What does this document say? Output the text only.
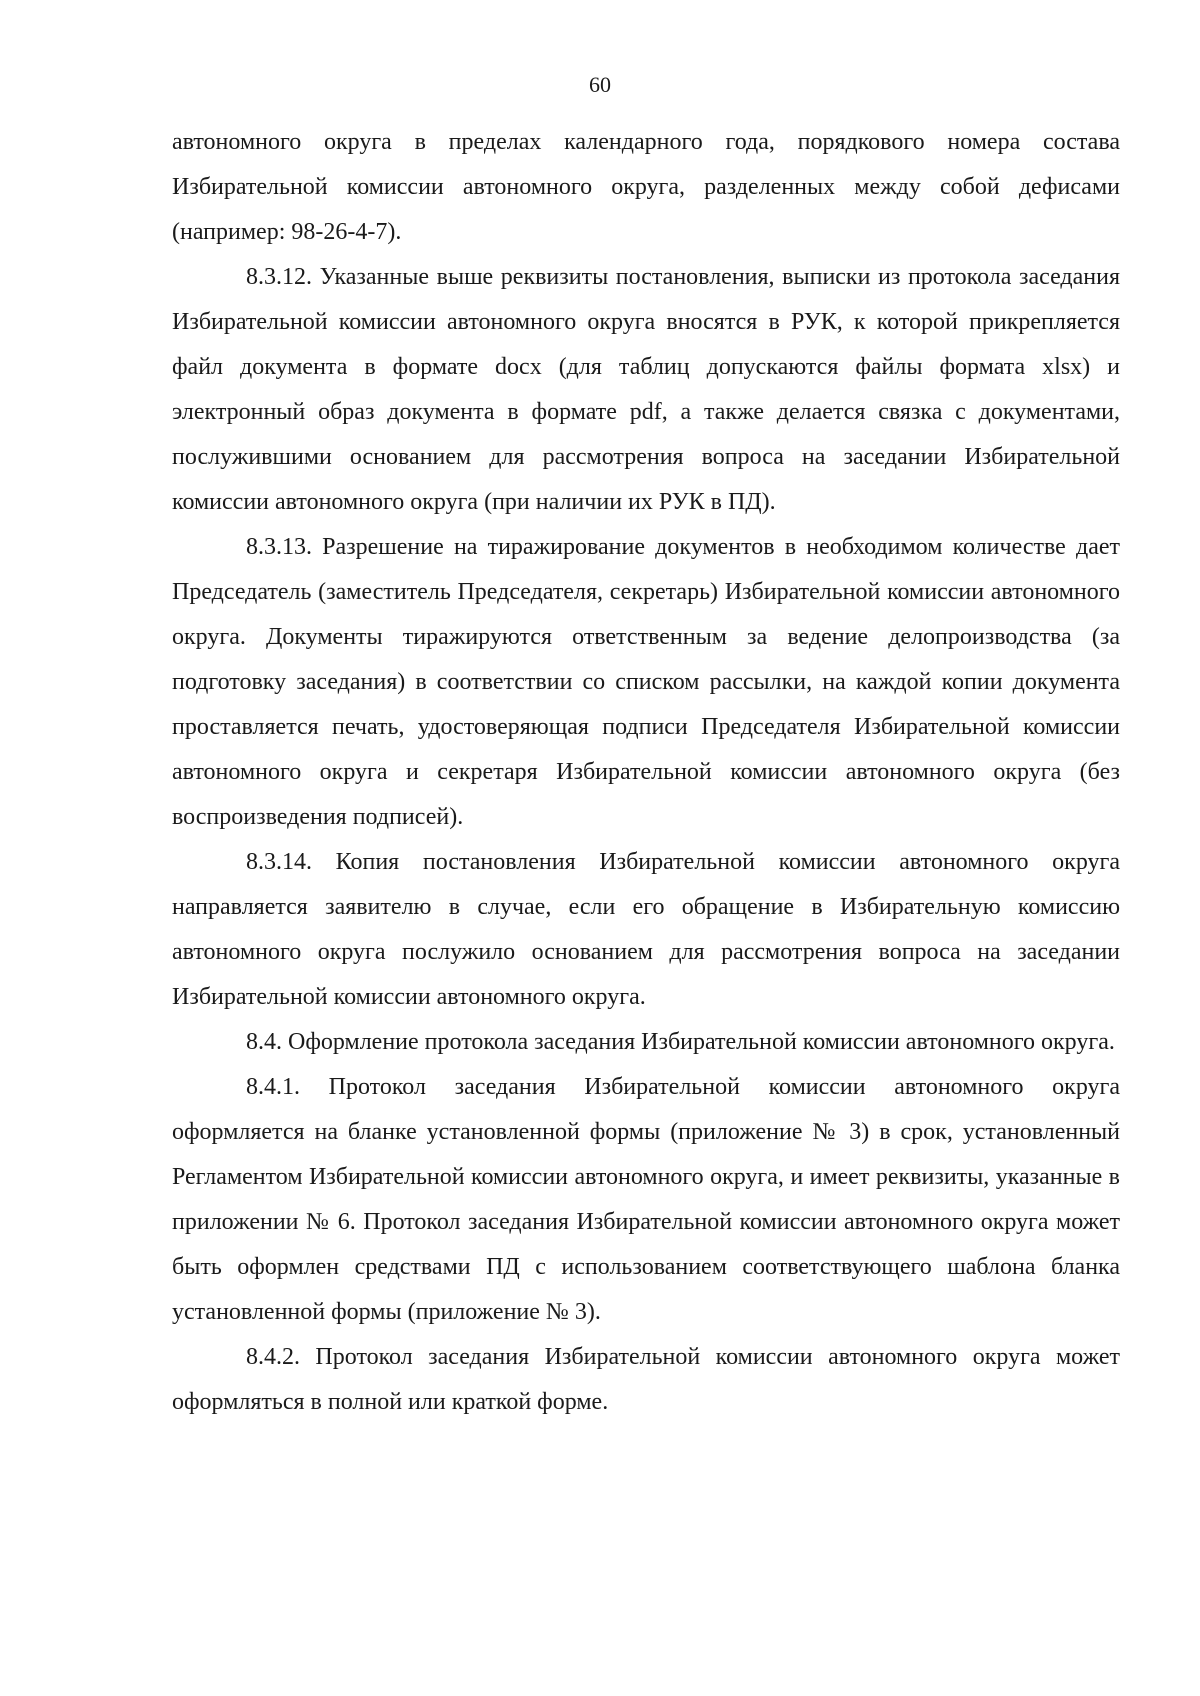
60

автономного округа в пределах календарного года, порядкового номера состава Избирательной комиссии автономного округа, разделенных между собой дефисами (например: 98-26-4-7).

8.3.12. Указанные выше реквизиты постановления, выписки из протокола заседания Избирательной комиссии автономного округа вносятся в РУК, к которой прикрепляется файл документа в формате docx (для таблиц допускаются файлы формата xlsx) и электронный образ документа в формате pdf, а также делается связка с документами, послужившими основанием для рассмотрения вопроса на заседании Избирательной комиссии автономного округа (при наличии их РУК в ПД).

8.3.13. Разрешение на тиражирование документов в необходимом количестве дает Председатель (заместитель Председателя, секретарь) Избирательной комиссии автономного округа. Документы тиражируются ответственным за ведение делопроизводства (за подготовку заседания) в соответствии со списком рассылки, на каждой копии документа проставляется печать, удостоверяющая подписи Председателя Избирательной комиссии автономного округа и секретаря Избирательной комиссии автономного округа (без воспроизведения подписей).

8.3.14. Копия постановления Избирательной комиссии автономного округа направляется заявителю в случае, если его обращение в Избирательную комиссию автономного округа послужило основанием для рассмотрения вопроса на заседании Избирательной комиссии автономного округа.

8.4. Оформление протокола заседания Избирательной комиссии автономного округа.

8.4.1. Протокол заседания Избирательной комиссии автономного округа оформляется на бланке установленной формы (приложение № 3) в срок, установленный Регламентом Избирательной комиссии автономного округа, и имеет реквизиты, указанные в приложении № 6. Протокол заседания Избирательной комиссии автономного округа может быть оформлен средствами ПД с использованием соответствующего шаблона бланка установленной формы (приложение № 3).

8.4.2. Протокол заседания Избирательной комиссии автономного округа может оформляться в полной или краткой форме.
